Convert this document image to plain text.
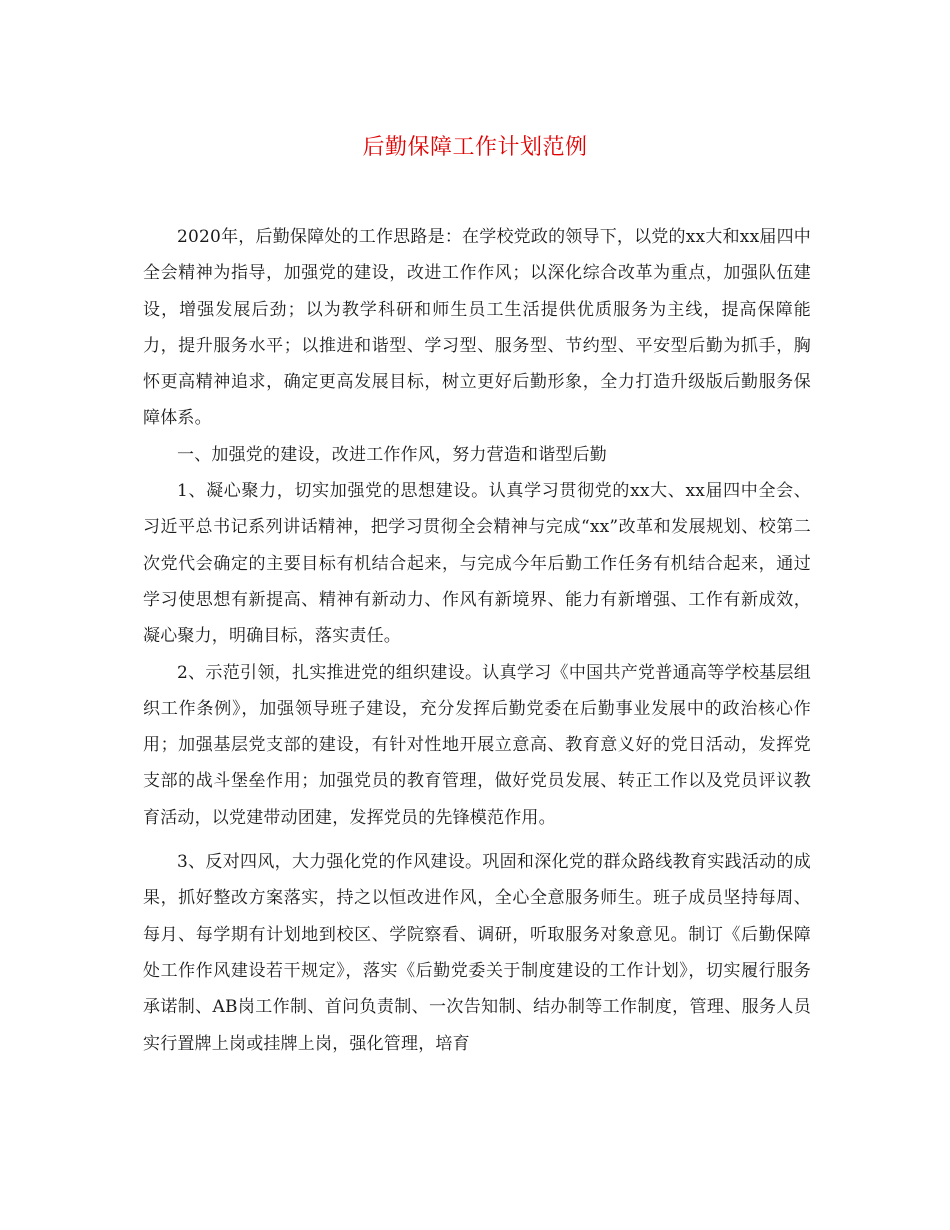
后勤保障工作计划范例

2020年，后勤保障处的工作思路是：在学校党政的领导下，以党的xx大和xx届四中全会精神为指导，加强党的建设，改进工作作风；以深化综合改革为重点，加强队伍建设，增强发展后劲；以为教学科研和师生员工生活提供优质服务为主线，提高保障能力，提升服务水平；以推进和谐型、学习型、服务型、节约型、平安型后勤为抓手，胸怀更高精神追求，确定更高发展目标，树立更好后勤形象，全力打造升级版后勤服务保障体系。

一、加强党的建设，改进工作作风，努力营造和谐型后勤

1、凝心聚力，切实加强党的思想建设。认真学习贯彻党的xx大、xx届四中全会、习近平总书记系列讲话精神，把学习贯彻全会精神与完成“xx”改革和发展规划、校第二次党代会确定的主要目标有机结合起来，与完成今年后勤工作任务有机结合起来，通过学习使思想有新提高、精神有新动力、作风有新境界、能力有新增强、工作有新成效，凝心聚力，明确目标，落实责任。

2、示范引领，扎实推进党的组织建设。认真学习《中国共产党普通高等学校基层组织工作条例》，加强领导班子建设，充分发挥后勤党委在后勤事业发展中的政治核心作用；加强基层党支部的建设，有针对性地开展立意高、教育意义好的党日活动，发挥党支部的战斗堡垒作用；加强党员的教育管理，做好党员发展、转正工作以及党员评议教育活动，以党建带动团建，发挥党员的先锋模范作用。

3、反对四风，大力强化党的作风建设。巩固和深化党的群众路线教育实践活动的成果，抓好整改方案落实，持之以恒改进作风，全心全意服务师生。班子成员坚持每周、每月、每学期有计划地到校区、学院察看、调研，听取服务对象意见。制订《后勤保障处工作作风建设若干规定》，落实《后勤党委关于制度建设的工作计划》，切实履行服务承诺制、AB岗工作制、首问负责制、一次告知制、结办制等工作制度，管理、服务人员实行置牌上岗或挂牌上岗，强化管理，培育
